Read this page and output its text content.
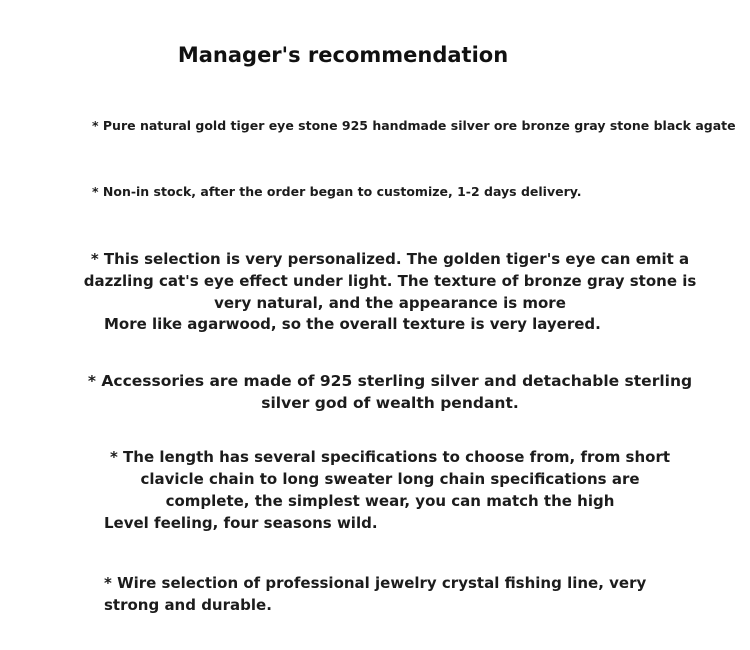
Manager's recommendation
* Pure natural gold tiger eye stone 925 handmade silver ore bronze gray stone black agate
* Non-in stock, after the order began to customize, 1-2 days delivery.
* This selection is very personalized. The golden tiger's eye can emit a
dazzling cat's eye effect under light. The texture of bronze gray stone is
very natural, and the appearance is more
More like agarwood, so the overall texture is very layered.
* Accessories are made of 925 sterling silver and detachable sterling
silver god of wealth pendant.
* The length has several specifications to choose from, from short
clavicle chain to long sweater long chain specifications are
complete, the simplest wear, you can match the high
Level feeling, four seasons wild.
* Wire selection of professional jewelry crystal fishing line, very
strong and durable.
